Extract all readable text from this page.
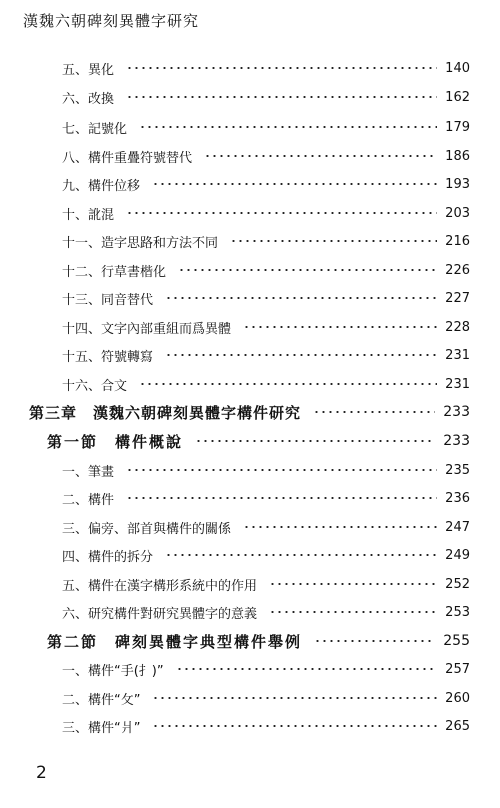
漢魏六朝碑刻異體字研究
五、異化	140
六、改換	162
七、記號化	179
八、構件重疊符號替代	186
九、構件位移	193
十、訛混	203
十一、造字思路和方法不同	216
十二、行草書楷化	226
十三、同音替代	227
十四、文字內部重組而爲異體	228
十五、符號轉寫	231
十六、合文	231
第三章　漢魏六朝碑刻異體字構件研究	233
第一節　構件概說	233
一、筆畫	235
二、構件	236
三、偏旁、部首與構件的關係	247
四、構件的拆分	249
五、構件在漢字構形系統中的作用	252
六、研究構件對研究異體字的意義	253
第二節　碑刻異體字典型構件舉例	255
一、構件“手(扌)”	257
二、構件“攵”	260
三、構件“爿”	265
2
